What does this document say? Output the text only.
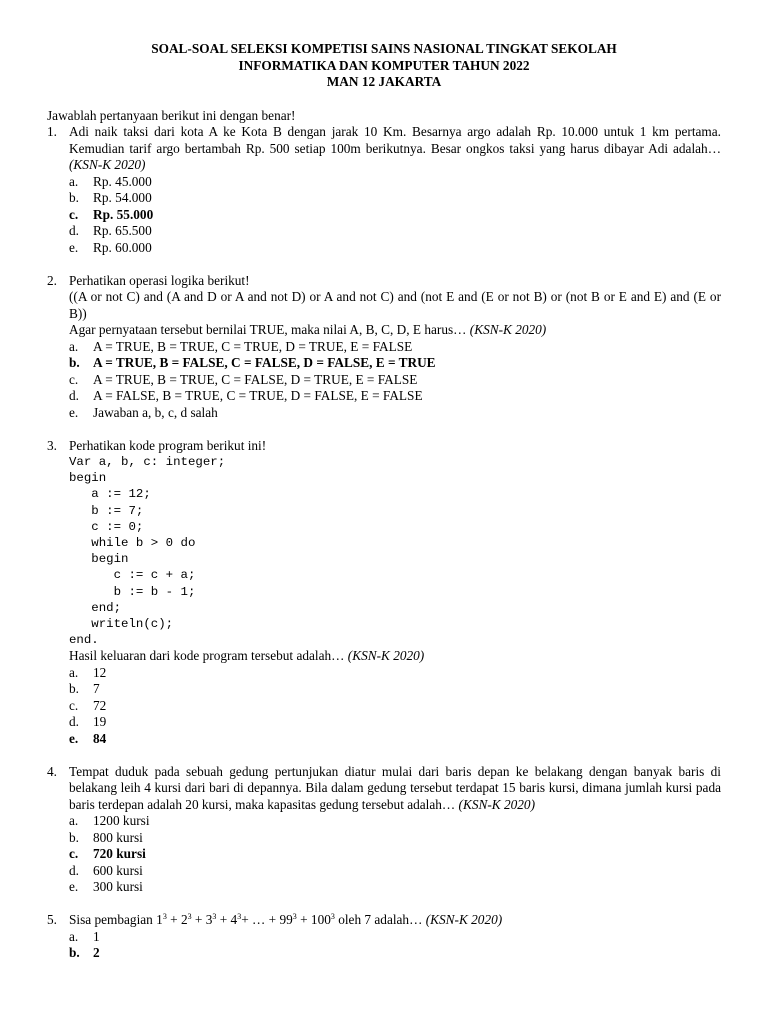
SOAL-SOAL SELEKSI KOMPETISI SAINS NASIONAL TINGKAT SEKOLAH
INFORMATIKA DAN KOMPUTER TAHUN 2022
MAN 12 JAKARTA
Jawablah pertanyaan berikut ini dengan benar!
1. Adi naik taksi dari kota A ke Kota B dengan jarak 10 Km. Besarnya argo adalah Rp. 10.000 untuk 1 km pertama. Kemudian tarif argo bertambah Rp. 500 setiap 100m berikutnya. Besar ongkos taksi yang harus dibayar Adi adalah… (KSN-K 2020)
a. Rp. 45.000
b. Rp. 54.000
c. Rp. 55.000
d. Rp. 65.500
e. Rp. 60.000
2. Perhatikan operasi logika berikut!
((A or not C) and (A and D or A and not D) or A and not C) and (not E and (E or not B) or (not B or E and E) and (E or B))
Agar pernyataan tersebut bernilai TRUE, maka nilai A, B, C, D, E harus… (KSN-K 2020)
a. A = TRUE, B = TRUE, C = TRUE, D = TRUE, E = FALSE
b. A = TRUE, B = FALSE, C = FALSE, D = FALSE, E = TRUE
c. A = TRUE, B = TRUE, C = FALSE, D = TRUE, E = FALSE
d. A = FALSE, B = TRUE, C = TRUE, D = FALSE, E = FALSE
e. Jawaban a, b, c, d salah
3. Perhatikan kode program berikut ini!
Var a, b, c: integer;
begin
a := 12;
b := 7;
c := 0;
while b > 0 do
begin
c := c + a;
b := b - 1;
end;
writeln(c);
end.
Hasil keluaran dari kode program tersebut adalah… (KSN-K 2020)
a. 12
b. 7
c. 72
d. 19
e. 84
4. Tempat duduk pada sebuah gedung pertunjukan diatur mulai dari baris depan ke belakang dengan banyak baris di belakang leih 4 kursi dari bari di depannya. Bila dalam gedung tersebut terdapat 15 baris kursi, dimana jumlah kursi pada baris terdepan adalah 20 kursi, maka kapasitas gedung tersebut adalah… (KSN-K 2020)
a. 1200 kursi
b. 800 kursi
c. 720 kursi
d. 600 kursi
e. 300 kursi
5. Sisa pembagian $1^3 + 2^3 + 3^3 + 4^3+$ … + $99^3 + 100^3$ oleh 7 adalah… (KSN-K 2020)
a. 1
b. 2
